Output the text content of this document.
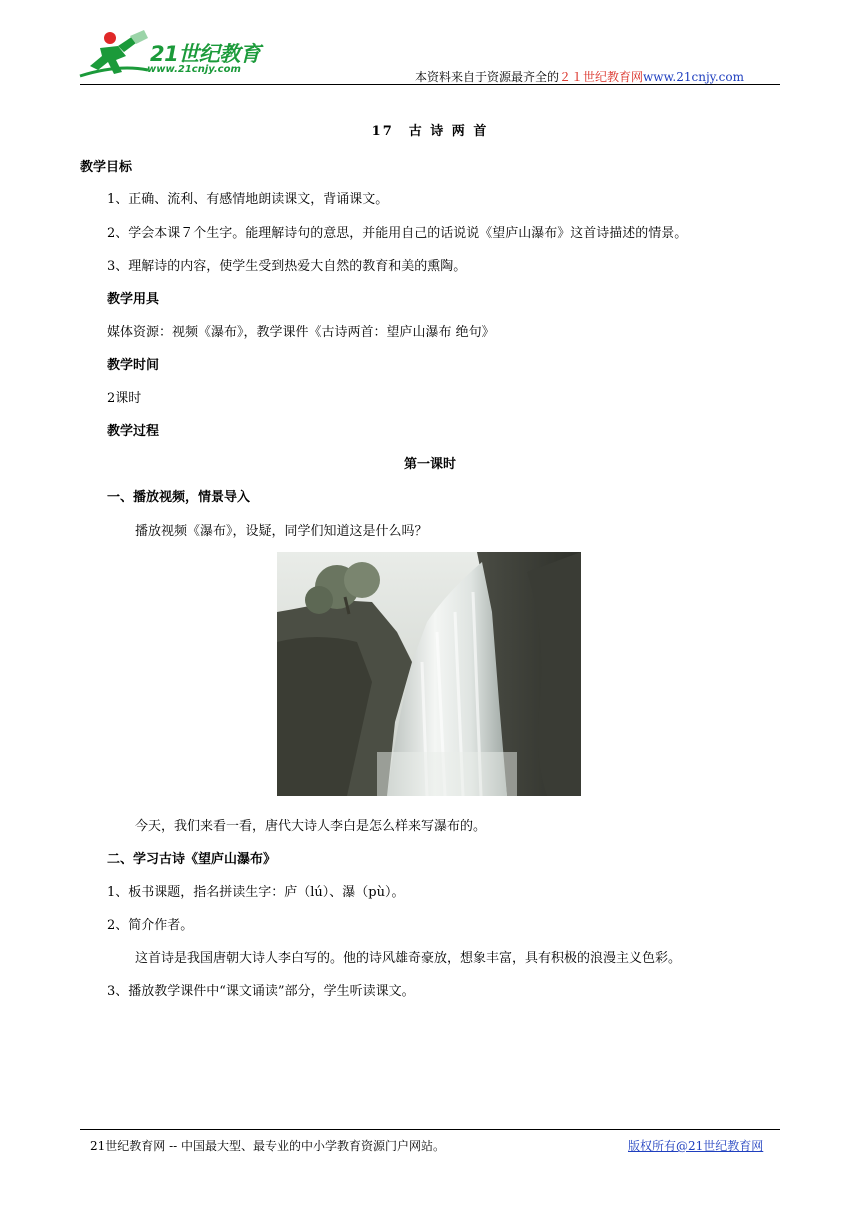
21世纪教育
www.21cnjy.com
本资料来自于资源最齐全的２１世纪教育网www.21cnjy.com
17　古 诗 两 首
教学目标
1、正确、流利、有感情地朗读课文，背诵课文。
2、学会本课７个生字。能理解诗句的意思，并能用自己的话说说《望庐山瀑布》这首诗描述的情景。
3、理解诗的内容，使学生受到热爱大自然的教育和美的熏陶。
教学用具
媒体资源：视频《瀑布》，教学课件《古诗两首：望庐山瀑布 绝句》
教学时间
2课时
教学过程
第一课时
一、播放视频，情景导入
播放视频《瀑布》，设疑，同学们知道这是什么吗？
今天，我们来看一看，唐代大诗人李白是怎么样来写瀑布的。
二、学习古诗《望庐山瀑布》
1、板书课题，指名拼读生字：庐（lú）、瀑（pù）。
2、简介作者。
这首诗是我国唐朝大诗人李白写的。他的诗风雄奇豪放，想象丰富，具有积极的浪漫主义色彩。
3、播放教学课件中“课文诵读”部分，学生听读课文。
21世纪教育网 -- 中国最大型、最专业的中小学教育资源门户网站。	版权所有@21世纪教育网
